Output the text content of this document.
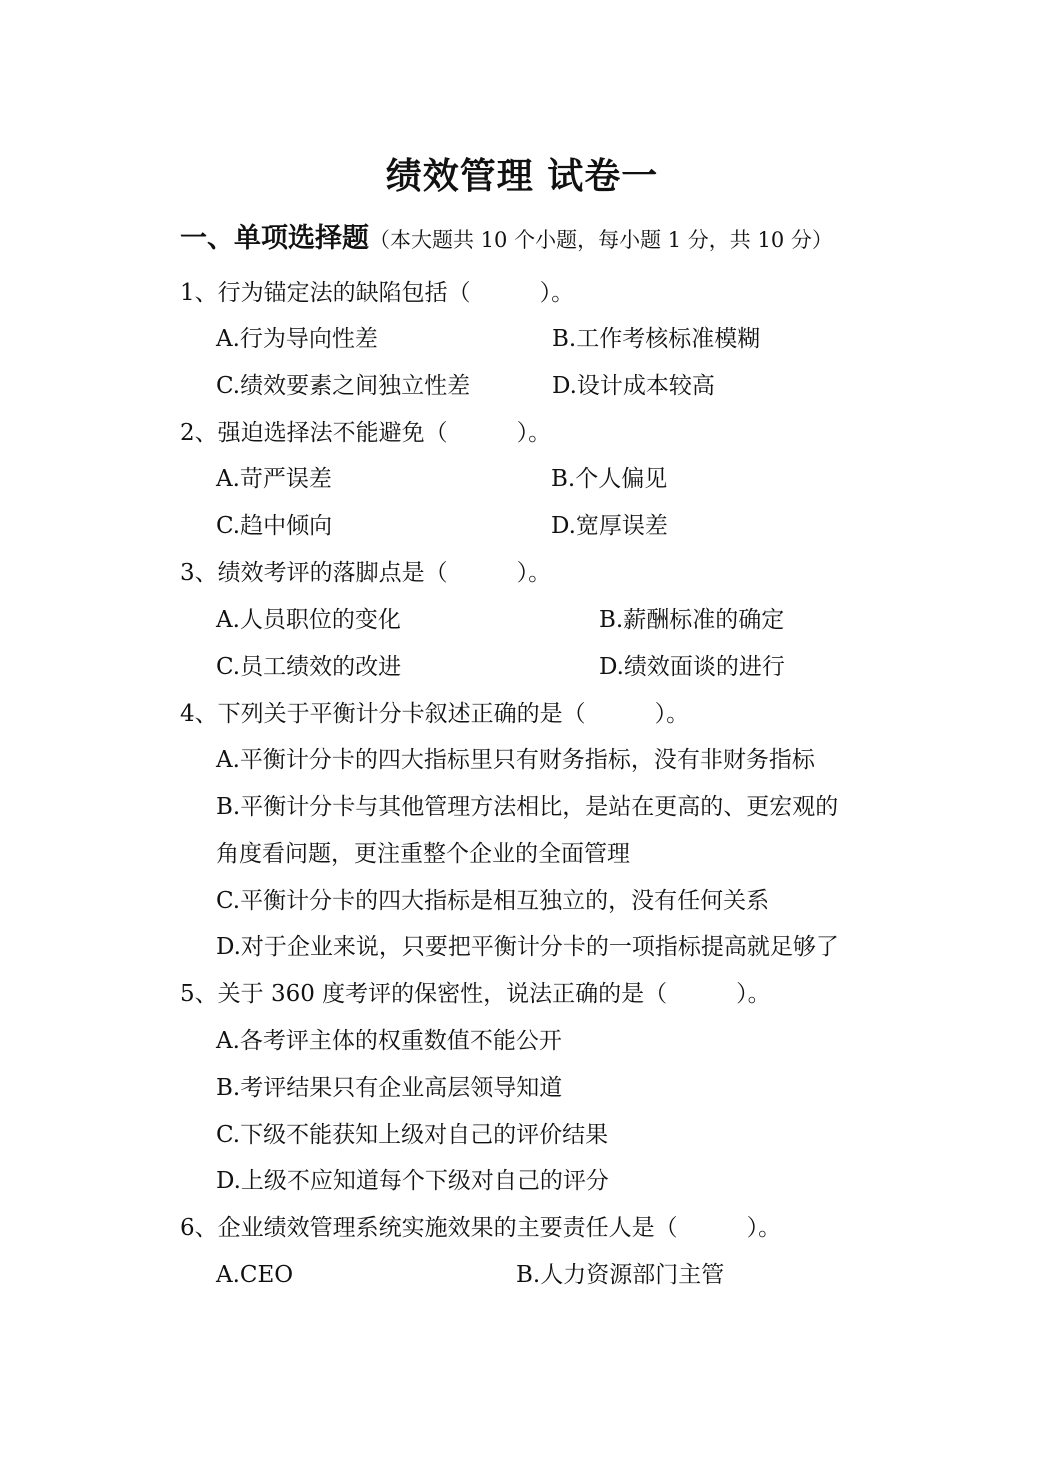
绩效管理 试卷一
一、单项选择题（本大题共 10 个小题，每小题 1 分，共 10 分）
1、行为锚定法的缺陷包括（　　　）。
A.行为导向性差	B.工作考核标准模糊
C.绩效要素之间独立性差	D.设计成本较高
2、强迫选择法不能避免（　　　）。
A.苛严误差	B.个人偏见
C.趋中倾向	D.宽厚误差
3、绩效考评的落脚点是（　　　）。
A.人员职位的变化	B.薪酬标准的确定
C.员工绩效的改进	D.绩效面谈的进行
4、下列关于平衡计分卡叙述正确的是（　　　）。
A.平衡计分卡的四大指标里只有财务指标，没有非财务指标
B.平衡计分卡与其他管理方法相比，是站在更高的、更宏观的
角度看问题，更注重整个企业的全面管理
C.平衡计分卡的四大指标是相互独立的，没有任何关系
D.对于企业来说，只要把平衡计分卡的一项指标提高就足够了
5、关于 360 度考评的保密性，说法正确的是（　　　）。
A.各考评主体的权重数值不能公开
B.考评结果只有企业高层领导知道
C.下级不能获知上级对自己的评价结果
D.上级不应知道每个下级对自己的评分
6、企业绩效管理系统实施效果的主要责任人是（　　　）。
A.CEO	B.人力资源部门主管
